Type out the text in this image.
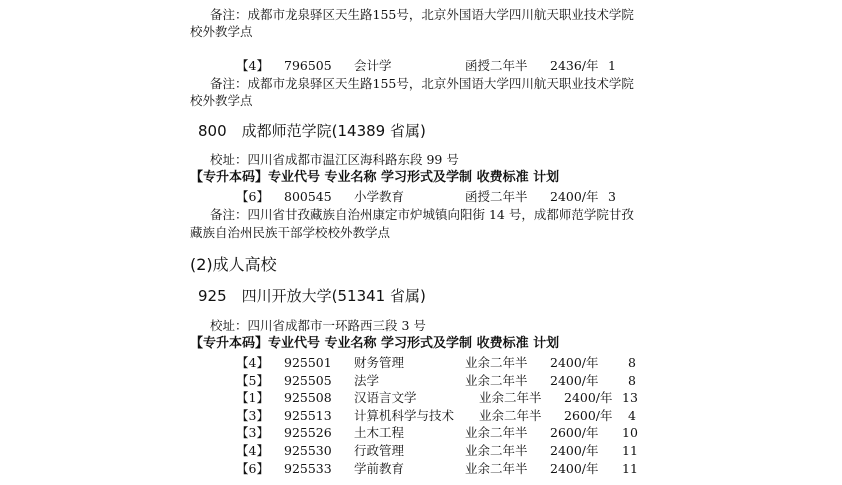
备注：成都市龙泉驿区天生路155号，北京外国语大学四川航天职业技术学院
校外教学点
【4】 796505 会计学	函授二年半 2436/年 1
备注：成都市龙泉驿区天生路155号，北京外国语大学四川航天职业技术学院
校外教学点
800　成都师范学院(14389 省属)
校址：四川省成都市温江区海科路东段 99 号
【专升本码】专业代号 专业名称 学习形式及学制 收费标准 计划
【6】 800545 小学教育	函授二年半 2400/年 3
备注：四川省甘孜藏族自治州康定市炉城镇向阳街 14 号，成都师范学院甘孜
藏族自治州民族干部学校校外教学点
(2)成人高校
925　四川开放大学(51341 省属)
校址：四川省成都市一环路西三段 3 号
【专升本码】专业代号 专业名称 学习形式及学制 收费标准 计划
【4】 925501 财务管理	业余二年半 2400/年 8
【5】 925505 法学	业余二年半 2400/年 8
【1】 925508 汉语言文学	业余二年半 2400/年 13
【3】 925513 计算机科学与技术 业余二年半 2600/年 4
【3】 925526 土木工程	业余二年半 2600/年 10
【4】 925530 行政管理	业余二年半 2400/年 11
【6】 925533 学前教育	业余二年半 2400/年 11
